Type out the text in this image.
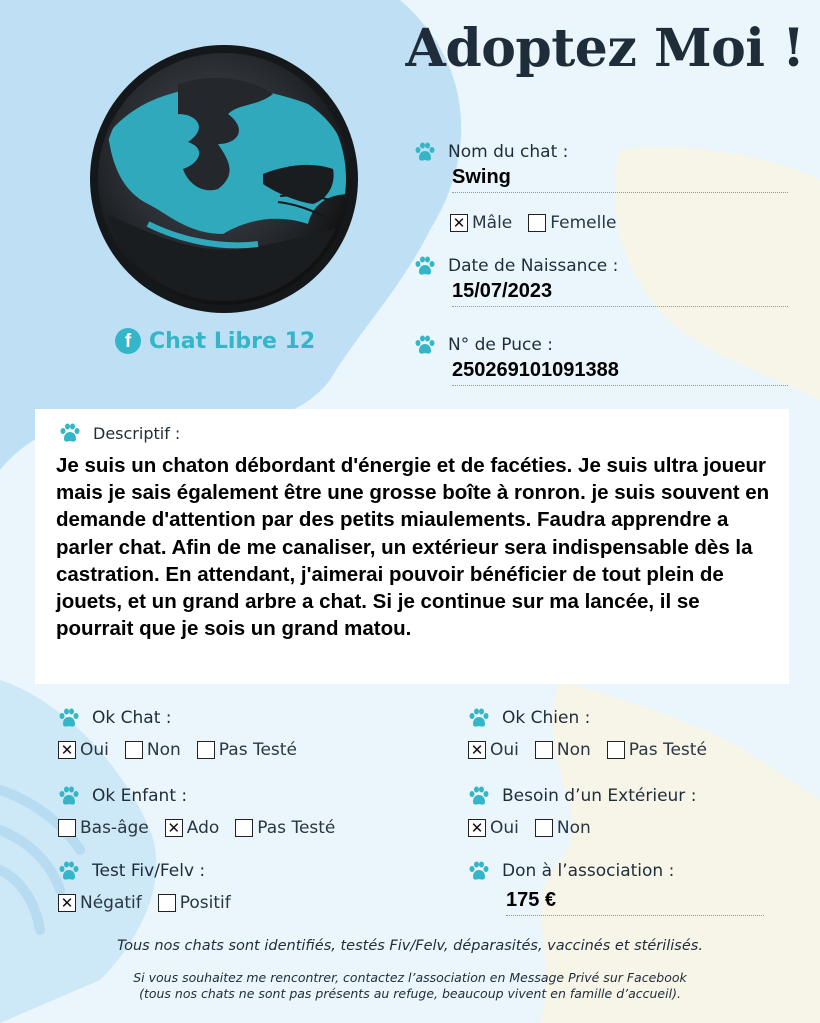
Adoptez Moi !
f Chat Libre 12
Nom du chat :
Swing
✕ Mâle Femelle
Date de Naissance :
15/07/2023
N° de Puce :
250269101091388
Descriptif :
Je suis un chaton débordant d'énergie et de facéties. Je suis ultra joueur mais je sais également être une grosse boîte à ronron. je suis souvent en demande d'attention par des petits miaulements. Faudra apprendre a parler chat. Afin de me canaliser, un extérieur sera indispensable dès la castration. En attendant, j'aimerai pouvoir bénéficier de tout plein de jouets, et un grand arbre a chat. Si je continue sur ma lancée, il se pourrait que je sois un grand matou.
Ok Chat :
✕ Oui Non Pas Testé
Ok Chien :
✕ Oui Non Pas Testé
Ok Enfant :
Bas-âge ✕ Ado Pas Testé
Besoin d’un Extérieur :
✕ Oui Non
Test Fiv/Felv :
✕ Négatif Positif
Don à l’association :
175 €
Tous nos chats sont identifiés, testés Fiv/Felv, déparasités, vaccinés et stérilisés.
Si vous souhaitez me rencontrer, contactez l’association en Message Privé sur Facebook
(tous nos chats ne sont pas présents au refuge, beaucoup vivent en famille d’accueil).
